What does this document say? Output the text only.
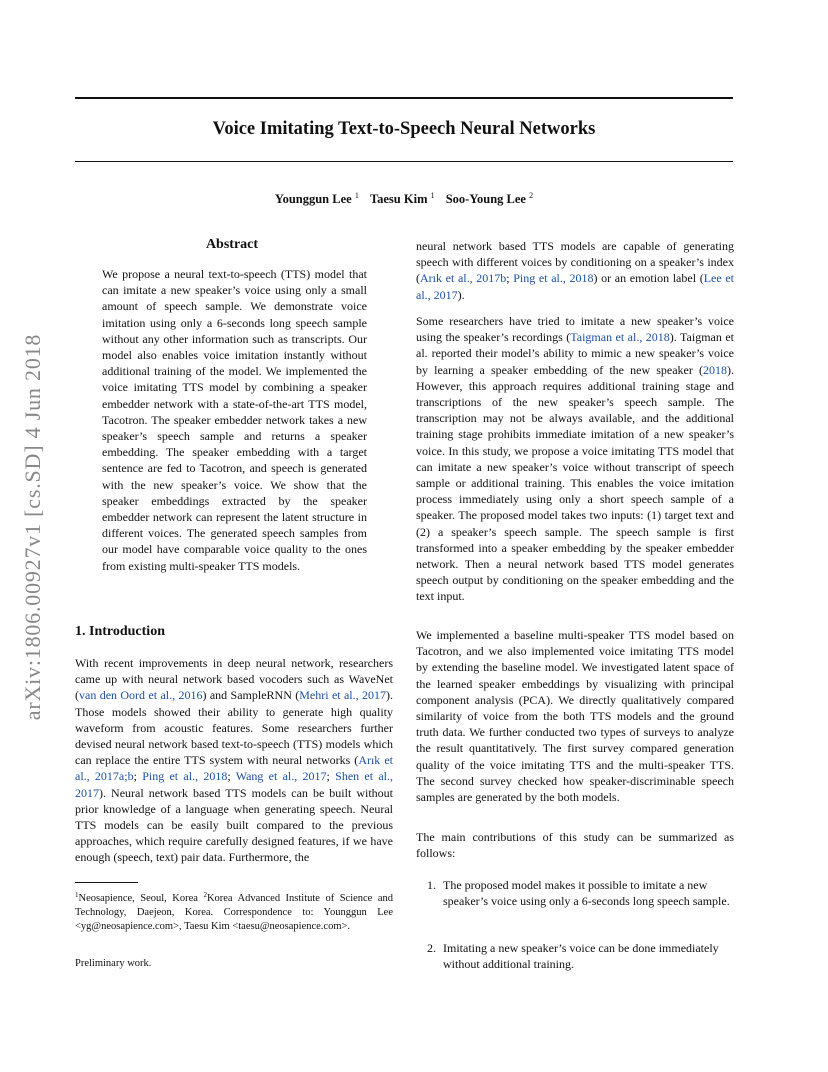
Voice Imitating Text-to-Speech Neural Networks
Younggun Lee $^1$ Taesu Kim $^1$ Soo-Young Lee $^2$
arXiv:1806.00927v1 [cs.SD] 4 Jun 2018
Abstract
We propose a neural text-to-speech (TTS) model that can imitate a new speaker’s voice using only a small amount of speech sample. We demonstrate voice imitation using only a 6-seconds long speech sample without any other information such as transcripts. Our model also enables voice imitation instantly without additional training of the model. We implemented the voice imitating TTS model by combining a speaker embedder network with a state-of-the-art TTS model, Tacotron. The speaker embedder network takes a new speaker’s speech sample and returns a speaker embedding. The speaker embedding with a target sentence are fed to Tacotron, and speech is generated with the new speaker’s voice. We show that the speaker embeddings extracted by the speaker embedder network can represent the latent structure in different voices. The generated speech samples from our model have comparable voice quality to the ones from existing multi-speaker TTS models.
1. Introduction
With recent improvements in deep neural network, researchers came up with neural network based vocoders such as WaveNet (van den Oord et al., 2016) and SampleRNN (Mehri et al., 2017). Those models showed their ability to generate high quality waveform from acoustic features. Some researchers further devised neural network based text-to-speech (TTS) models which can replace the entire TTS system with neural networks (Arık et al., 2017a;b; Ping et al., 2018; Wang et al., 2017; Shen et al., 2017). Neural network based TTS models can be built without prior knowledge of a language when generating speech. Neural TTS models can be easily built compared to the previous approaches, which require carefully designed features, if we have enough (speech, text) pair data. Furthermore, the
$^1$Neosapience, Seoul, Korea $^2$Korea Advanced Institute of Science and Technology, Daejeon, Korea. Correspondence to: Younggun Lee <yg@neosapience.com>, Taesu Kim <taesu@neosapience.com>.
Preliminary work.
neural network based TTS models are capable of generating speech with different voices by conditioning on a speaker’s index (Arık et al., 2017b; Ping et al., 2018) or an emotion label (Lee et al., 2017).
Some researchers have tried to imitate a new speaker’s voice using the speaker’s recordings (Taigman et al., 2018). Taigman et al. reported their model’s ability to mimic a new speaker’s voice by learning a speaker embedding of the new speaker (2018). However, this approach requires additional training stage and transcriptions of the new speaker’s speech sample. The transcription may not be always available, and the additional training stage prohibits immediate imitation of a new speaker’s voice. In this study, we propose a voice imitating TTS model that can imitate a new speaker’s voice without transcript of speech sample or additional training. This enables the voice imitation process immediately using only a short speech sample of a speaker. The proposed model takes two inputs: (1) target text and (2) a speaker’s speech sample. The speech sample is first transformed into a speaker embedding by the speaker embedder network. Then a neural network based TTS model generates speech output by conditioning on the speaker embedding and the text input.
We implemented a baseline multi-speaker TTS model based on Tacotron, and we also implemented voice imitating TTS model by extending the baseline model. We investigated latent space of the learned speaker embeddings by visualizing with principal component analysis (PCA). We directly qualitatively compared similarity of voice from the both TTS models and the ground truth data. We further conducted two types of surveys to analyze the result quantitatively. The first survey compared generation quality of the voice imitating TTS and the multi-speaker TTS. The second survey checked how speaker-discriminable speech samples are generated by the both models.
The main contributions of this study can be summarized as follows:
1. The proposed model makes it possible to imitate a new speaker’s voice using only a 6-seconds long speech sample.
2. Imitating a new speaker’s voice can be done immediately without additional training.
